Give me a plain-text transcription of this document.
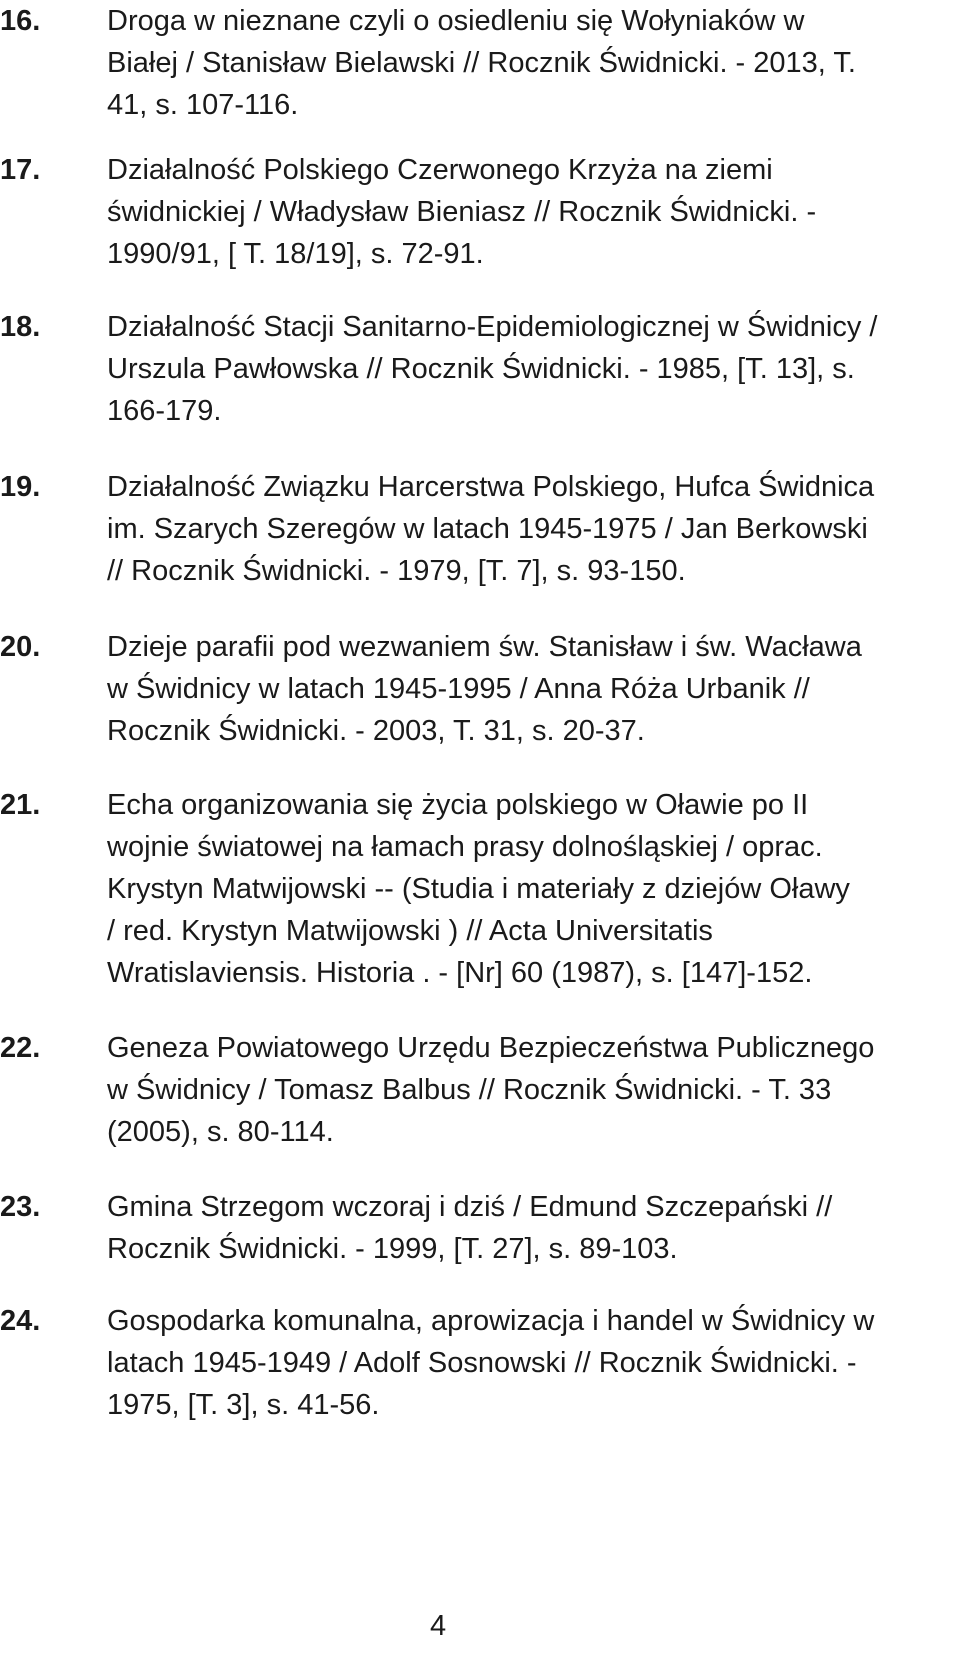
16. Droga w nieznane czyli o osiedleniu się Wołyniaków w
Białej / Stanisław Bielawski // Rocznik Świdnicki. - 2013, T.
41, s. 107-116.
17. Działalność Polskiego Czerwonego Krzyża na ziemi
świdnickiej / Władysław Bieniasz // Rocznik Świdnicki. -
1990/91, [ T. 18/19], s. 72-91.
18. Działalność Stacji Sanitarno-Epidemiologicznej w Świdnicy /
Urszula Pawłowska // Rocznik Świdnicki. - 1985, [T. 13], s.
166-179.
19. Działalność Związku Harcerstwa Polskiego, Hufca Świdnica
im. Szarych Szeregów w latach 1945-1975 / Jan Berkowski
// Rocznik Świdnicki. - 1979, [T. 7], s. 93-150.
20. Dzieje parafii pod wezwaniem św. Stanisław i św. Wacława
w Świdnicy w latach 1945-1995 / Anna Róża Urbanik //
Rocznik Świdnicki. - 2003, T. 31, s. 20-37.
21. Echa organizowania się życia polskiego w Oławie po II
wojnie światowej na łamach prasy dolnośląskiej / oprac.
Krystyn Matwijowski -- (Studia i materiały z dziejów Oławy
/ red. Krystyn Matwijowski ) // Acta Universitatis
Wratislaviensis. Historia . - [Nr] 60 (1987), s. [147]-152.
22. Geneza Powiatowego Urzędu Bezpieczeństwa Publicznego
w Świdnicy / Tomasz Balbus // Rocznik Świdnicki. - T. 33
(2005), s. 80-114.
23. Gmina Strzegom wczoraj i dziś / Edmund Szczepański //
Rocznik Świdnicki. - 1999, [T. 27], s. 89-103.
24. Gospodarka komunalna, aprowizacja i handel w Świdnicy w
latach 1945-1949 / Adolf Sosnowski // Rocznik Świdnicki. -
1975, [T. 3], s. 41-56.
4
